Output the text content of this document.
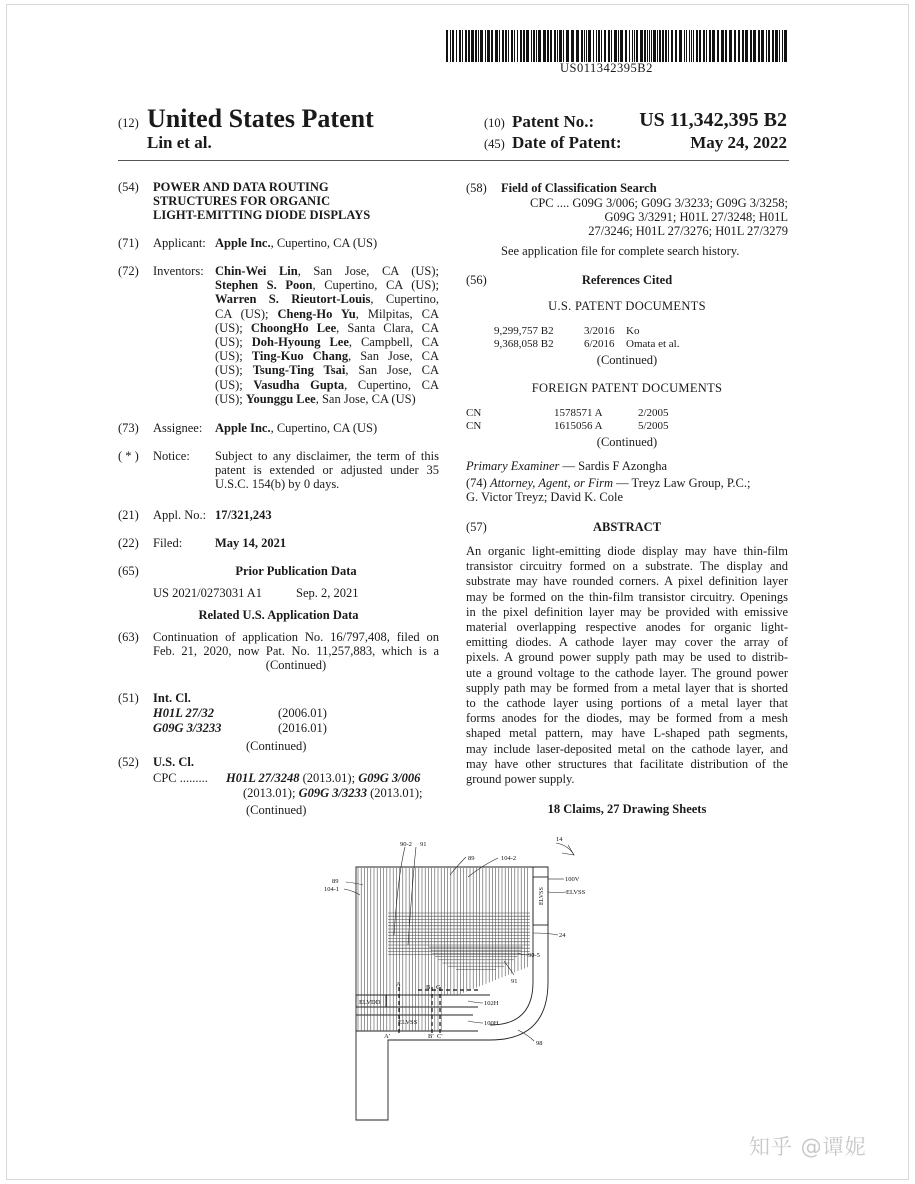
US011342395B2
(12) United States Patent
Lin et al.
(10) Patent No.: US 11,342,395 B2
(45) Date of Patent:	May 24, 2022
(54) POWER AND DATA ROUTING
STRUCTURES FOR ORGANIC
LIGHT-EMITTING DIODE DISPLAYS
(71) Applicant: Apple Inc., Cupertino, CA (US)
(72) Inventors: Chin-Wei Lin, San Jose, CA (US);
Stephen S. Poon, Cupertino, CA (US);
Warren S. Rieutort-Louis, Cupertino,
CA (US); Cheng-Ho Yu, Milpitas, CA
(US); ChoongHo Lee, Santa Clara, CA
(US); Doh-Hyoung Lee, Campbell, CA
(US); Ting-Kuo Chang, San Jose, CA
(US); Tsung-Ting Tsai, San Jose, CA
(US); Vasudha Gupta, Cupertino, CA
(US); Younggu Lee, San Jose, CA (US)
(73) Assignee: Apple Inc., Cupertino, CA (US)
( * ) Notice: Subject to any disclaimer, the term of this
patent is extended or adjusted under 35
U.S.C. 154(b) by 0 days.
(21) Appl. No.: 17/321,243
(22) Filed:	May 14, 2021
(65)	Prior Publication Data
US 2021/0273031 A1	Sep. 2, 2021
Related U.S. Application Data
(63) Continuation of application No. 16/797,408, filed on
Feb. 21, 2020, now Pat. No. 11,257,883, which is a
(Continued)
(51) Int. Cl.
H01L 27/32	(2006.01)
G09G 3/3233	(2016.01)
(Continued)
(52) U.S. Cl.
CPC ......... H01L 27/3248 (2013.01); G09G 3/006
(2013.01); G09G 3/3233 (2013.01);
(Continued)
(58) Field of Classification Search
CPC .... G09G 3/006; G09G 3/3233; G09G 3/3258;
G09G 3/3291; H01L 27/3248; H01L
27/3246; H01L 27/3276; H01L 27/3279
See application file for complete search history.
(56)	References Cited
U.S. PATENT DOCUMENTS
9,299,757 B2	3/2016 Ko
9,368,058 B2	6/2016 Omata et al.
(Continued)
FOREIGN PATENT DOCUMENTS
CN	1578571 A	2/2005
CN	1615056 A	5/2005
(Continued)
Primary Examiner — Sardis F Azongha
(74) Attorney, Agent, or Firm — Treyz Law Group, P.C.;
G. Victor Treyz; David K. Cole
(57)	ABSTRACT
An organic light-emitting diode display may have thin-film
transistor circuitry formed on a substrate. The display and
substrate may have rounded corners. A pixel definition layer
may be formed on the thin-film transistor circuitry. Openings
in the pixel definition layer may be provided with emissive
material overlapping respective anodes for organic light-
emitting diodes. A cathode layer may cover the array of
pixels. A ground power supply path may be used to distrib-
ute a ground voltage to the cathode layer. The ground power
supply path may be formed from a metal layer that is shorted
to the cathode layer using portions of a metal layer that
forms anodes for the diodes, may be formed from a mesh
shaped metal pattern, may have L-shaped path segments,
may include laser-deposited metal on the cathode layer, and
may have other structures that facilitate distribution of the
ground power supply.
18 Claims, 27 Drawing Sheets
89
104-1
90-2 91
89	104-2
14
100V
ELVSS
24
90-5
91
ELVDD
ELVSS
102H
100H
98
A	B C
A'	B' C'
ELVSS
知乎 @谭妮
